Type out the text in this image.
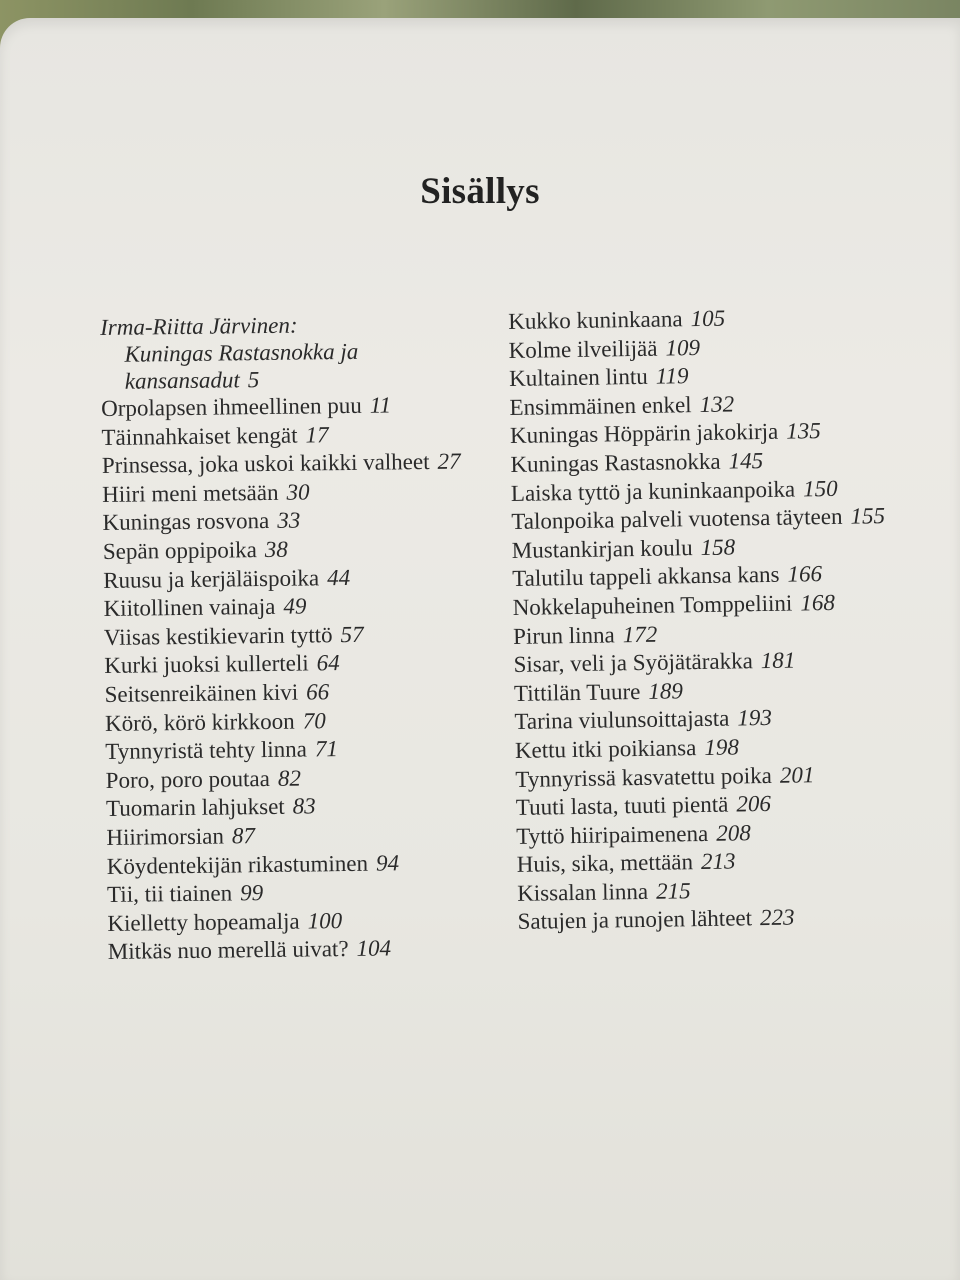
Sisällys
Irma-Riitta Järvinen:
Kuningas Rastasnokka ja kansansadut 5
Orpolapsen ihmeellinen puu 11
Täinnahkaiset kengät 17
Prinsessa, joka uskoi kaikki valheet 27
Hiiri meni metsään 30
Kuningas rosvona 33
Sepän oppipoika 38
Ruusu ja kerjäläispoika 44
Kiitollinen vainaja 49
Viisas kestikievarin tyttö 57
Kurki juoksi kullerteli 64
Seitsenreikäinen kivi 66
Körö, körö kirkkoon 70
Tynnyristä tehty linna 71
Poro, poro poutaa 82
Tuomarin lahjukset 83
Hiirimorsian 87
Köydentekijän rikastuminen 94
Tii, tii tiainen 99
Kielletty hopeamalja 100
Mitkäs nuo merellä uivat? 104
Kukko kuninkaana 105
Kolme ilveilijää 109
Kultainen lintu 119
Ensimmäinen enkel 132
Kuningas Höppärin jakokirja 135
Kuningas Rastasnokka 145
Laiska tyttö ja kuninkaanpoika 150
Talonpoika palveli vuotensa täyteen 155
Mustankirjan koulu 158
Talutilu tappeli akkansa kans 166
Nokkelapuheinen Tomppeliini 168
Pirun linna 172
Sisar, veli ja Syöjätärakka 181
Tittilän Tuure 189
Tarina viulunsoittajasta 193
Kettu itki poikiansa 198
Tynnyrissä kasvatettu poika 201
Tuuti lasta, tuuti pientä 206
Tyttö hiiripaimenena 208
Huis, sika, mettään 213
Kissalan linna 215
Satujen ja runojen lähteet 223
